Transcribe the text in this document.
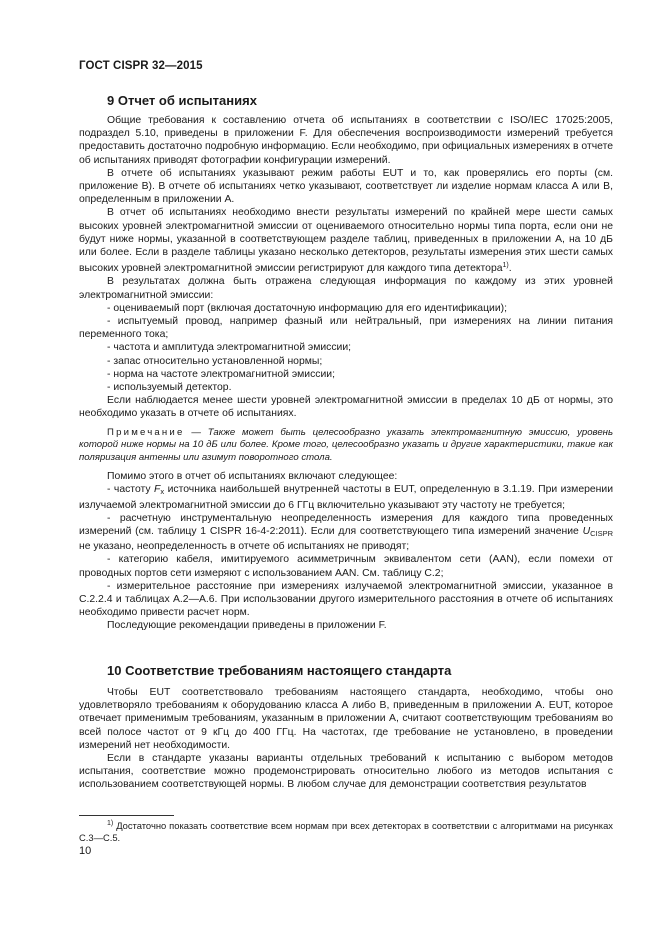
ГОСТ CISPR 32—2015
9 Отчет об испытаниях

Общие требования к составлению отчета об испытаниях в соответствии с ISO/IEC 17025:2005, подраздел 5.10, приведены в приложении F. Для обеспечения воспроизводимости измерений требуется предоставить достаточно подробную информацию. Если необходимо, при официальных измерениях в отчете об испытаниях приводят фотографии конфигурации измерений.

В отчете об испытаниях указывают режим работы EUT и то, как проверялись его порты (см. приложение В). В отчете об испытаниях четко указывают, соответствует ли изделие нормам класса А или В, определенным в приложении А.

В отчет об испытаниях необходимо внести результаты измерений по крайней мере шести самых высоких уровней электромагнитной эмиссии от оцениваемого относительно нормы типа порта, если они не будут ниже нормы, указанной в соответствующем разделе таблиц, приведенных в приложении А, на 10 дБ или более. Если в разделе таблицы указано несколько детекторов, результаты измерения этих шести самых высоких уровней электромагнитной эмиссии регистрируют для каждого типа детектора$^{1)}$.

В результатах должна быть отражена следующая информация по каждому из этих уровней электромагнитной эмиссии:

- оцениваемый порт (включая достаточную информацию для его идентификации);

- испытуемый провод, например фазный или нейтральный, при измерениях на линии питания переменного тока;

- частота и амплитуда электромагнитной эмиссии;

- запас относительно установленной нормы;

- норма на частоте электромагнитной эмиссии;

- используемый детектор.

Если наблюдается менее шести уровней электромагнитной эмиссии в пределах 10 дБ от нормы, это необходимо указать в отчете об испытаниях.

Примечание — Также может быть целесообразно указать электромагнитную эмиссию, уровень которой ниже нормы на 10 дБ или более. Кроме того, целесообразно указать и другие характеристики, такие как поляризация антенны или азимут поворотного стола.

Помимо этого в отчет об испытаниях включают следующее:

- частоту $F_x$ источника наибольшей внутренней частоты в EUT, определенную в 3.1.19. При измерении излучаемой электромагнитной эмиссии до 6 ГГц включительно указывают эту частоту не требуется;

- расчетную инструментальную неопределенность измерения для каждого типа проведенных измерений (см. таблицу 1 CISPR 16-4-2:2011). Если для соответствующего типа измерений значение $U_{CISPR}$ не указано, неопределенность в отчете об испытаниях не приводят;

- категорию кабеля, имитируемого асимметричным эквивалентом сети (AAN), если помехи от проводных портов сети измеряют с использованием AAN. См. таблицу С.2;

- измерительное расстояние при измерениях излучаемой электромагнитной эмиссии, указанное в С.2.2.4 и таблицах А.2—А.6. При использовании другого измерительного расстояния в отчете об испытаниях необходимо привести расчет норм.

Последующие рекомендации приведены в приложении F.

10 Соответствие требованиям настоящего стандарта

Чтобы EUT соответствовало требованиям настоящего стандарта, необходимо, чтобы оно удовлетворяло требованиям к оборудованию класса А либо В, приведенным в приложении А. EUT, которое отвечает применимым требованиям, указанным в приложении А, считают соответствующим требованиям во всей полосе частот от 9 кГц до 400 ГГц. На частотах, где требование не установлено, в проведении измерений нет необходимости.

Если в стандарте указаны варианты отдельных требований к испытанию с выбором методов испытания, соответствие можно продемонстрировать относительно любого из методов испытания с использованием соответствующей нормы. В любом случае для демонстрации соответствия результатов

$^{1)}$ Достаточно показать соответствие всем нормам при всех детекторах в соответствии с алгоритмами на рисунках С.3—С.5.
10
